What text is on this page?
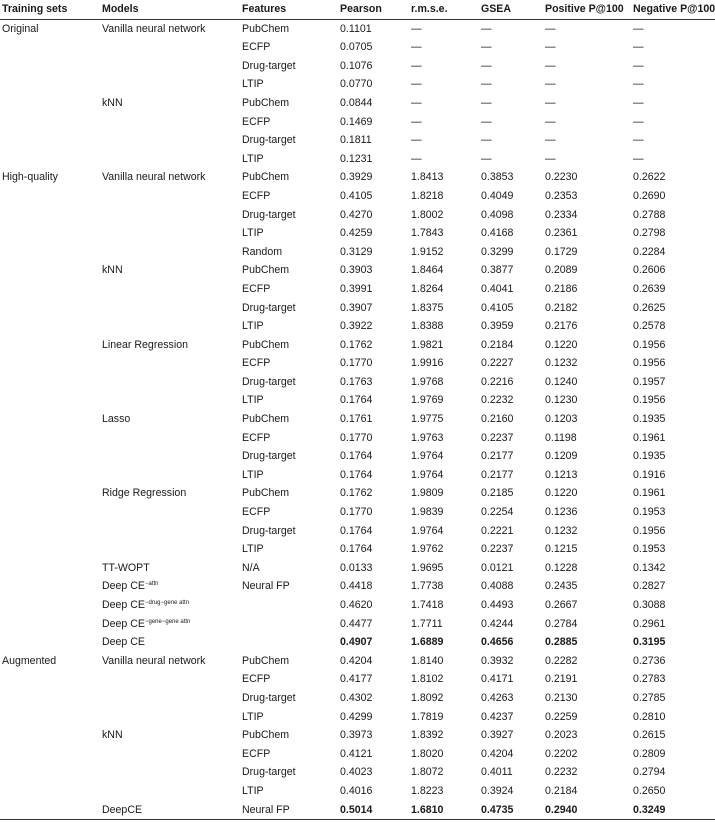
Training sets	Models	Features	Pearson	r.m.s.e.	GSEA	Positive P@100	Negative P@100
Original	Vanilla neural network	PubChem	0.1101	—	—	—	—
		ECFP	0.0705	—	—	—	—
		Drug-target	0.1076	—	—	—	—
		LTIP	0.0770	—	—	—	—
	kNN	PubChem	0.0844	—	—	—	—
		ECFP	0.1469	—	—	—	—
		Drug-target	0.1811	—	—	—	—
		LTIP	0.1231	—	—	—	—
High-quality	Vanilla neural network	PubChem	0.3929	1.8413	0.3853	0.2230	0.2622
		ECFP	0.4105	1.8218	0.4049	0.2353	0.2690
		Drug-target	0.4270	1.8002	0.4098	0.2334	0.2788
		LTIP	0.4259	1.7843	0.4168	0.2361	0.2798
		Random	0.3129	1.9152	0.3299	0.1729	0.2284
	kNN	PubChem	0.3903	1.8464	0.3877	0.2089	0.2606
		ECFP	0.3991	1.8264	0.4041	0.2186	0.2639
		Drug-target	0.3907	1.8375	0.4105	0.2182	0.2625
		LTIP	0.3922	1.8388	0.3959	0.2176	0.2578
	Linear Regression	PubChem	0.1762	1.9821	0.2184	0.1220	0.1956
		ECFP	0.1770	1.9916	0.2227	0.1232	0.1956
		Drug-target	0.1763	1.9768	0.2216	0.1240	0.1957
		LTIP	0.1764	1.9769	0.2232	0.1230	0.1956
	Lasso	PubChem	0.1761	1.9775	0.2160	0.1203	0.1935
		ECFP	0.1770	1.9763	0.2237	0.1198	0.1961
		Drug-target	0.1764	1.9764	0.2177	0.1209	0.1935
		LTIP	0.1764	1.9764	0.2177	0.1213	0.1916
	Ridge Regression	PubChem	0.1762	1.9809	0.2185	0.1220	0.1961
		ECFP	0.1770	1.9839	0.2254	0.1236	0.1953
		Drug-target	0.1764	1.9764	0.2221	0.1232	0.1956
		LTIP	0.1764	1.9762	0.2237	0.1215	0.1953
	TT-WOPT	N/A	0.0133	1.9695	0.0121	0.1228	0.1342
	Deep $CE^{-attn}$	Neural FP	0.4418	1.7738	0.4088	0.2435	0.2827
	Deep $CE^{-drug-gene attn}$		0.4620	1.7418	0.4493	0.2667	0.3088
	Deep $CE^{-gene-gene attn}$		0.4477	1.7711	0.4244	0.2784	0.2961
	Deep CE		0.4907	1.6889	0.4656	0.2885	0.3195
Augmented	Vanilla neural network	PubChem	0.4204	1.8140	0.3932	0.2282	0.2736
		ECFP	0.4177	1.8102	0.4171	0.2191	0.2783
		Drug-target	0.4302	1.8092	0.4263	0.2130	0.2785
		LTIP	0.4299	1.7819	0.4237	0.2259	0.2810
	kNN	PubChem	0.3973	1.8392	0.3927	0.2023	0.2615
		ECFP	0.4121	1.8020	0.4204	0.2202	0.2809
		Drug-target	0.4023	1.8072	0.4011	0.2232	0.2794
		LTIP	0.4016	1.8223	0.3924	0.2184	0.2650
	DeepCE	Neural FP	0.5014	1.6810	0.4735	0.2940	0.3249
